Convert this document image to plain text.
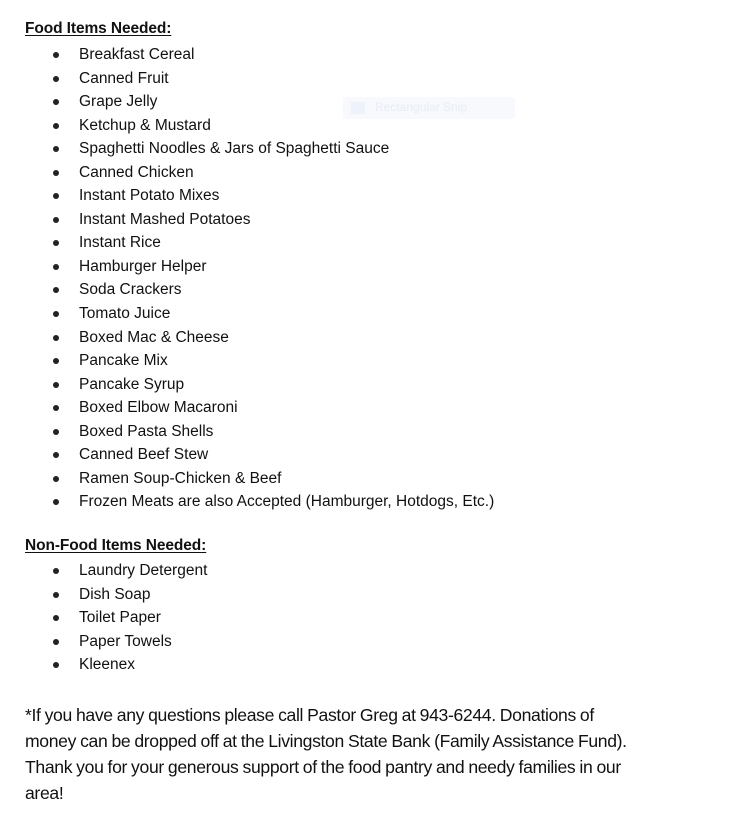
Rectangular Snip
Food Items Needed:
Breakfast Cereal
Canned Fruit
Grape Jelly
Ketchup & Mustard
Spaghetti Noodles & Jars of Spaghetti Sauce
Canned Chicken
Instant Potato Mixes
Instant Mashed Potatoes
Instant Rice
Hamburger Helper
Soda Crackers
Tomato Juice
Boxed Mac & Cheese
Pancake Mix
Pancake Syrup
Boxed Elbow Macaroni
Boxed Pasta Shells
Canned Beef Stew
Ramen Soup-Chicken & Beef
Frozen Meats are also Accepted (Hamburger, Hotdogs, Etc.)
Non-Food Items Needed:
Laundry Detergent
Dish Soap
Toilet Paper
Paper Towels
Kleenex
*If you have any questions please call Pastor Greg at 943-6244. Donations of
money can be dropped off at the Livingston State Bank (Family Assistance Fund).
Thank you for your generous support of the food pantry and needy families in our
area!
